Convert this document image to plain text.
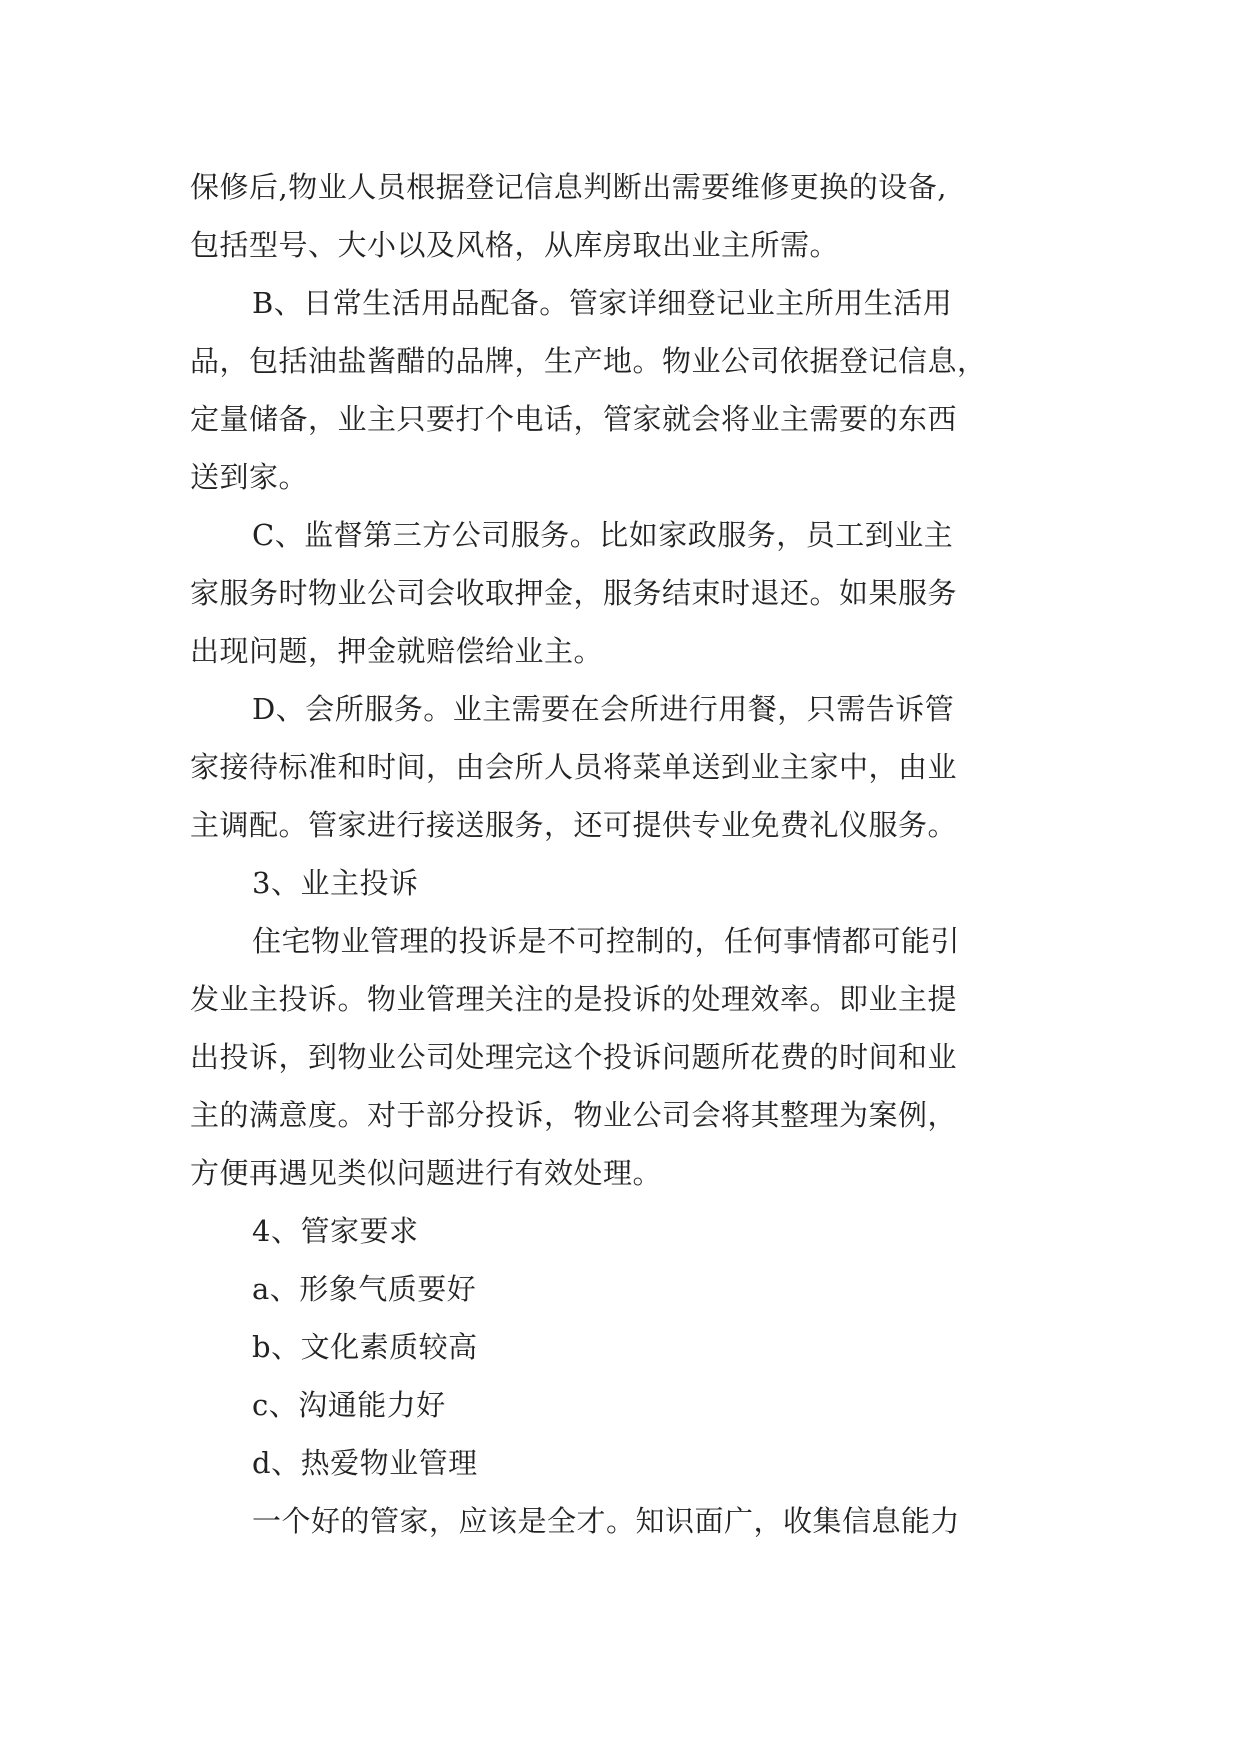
保修后,物业人员根据登记信息判断出需要维修更换的设备,
包括型号、大小以及风格，从库房取出业主所需。
B、日常生活用品配备。管家详细登记业主所用生活用
品，包括油盐酱醋的品牌，生产地。物业公司依据登记信息，
定量储备，业主只要打个电话，管家就会将业主需要的东西
送到家。
C、监督第三方公司服务。比如家政服务，员工到业主
家服务时物业公司会收取押金，服务结束时退还。如果服务
出现问题，押金就赔偿给业主。
D、会所服务。业主需要在会所进行用餐，只需告诉管
家接待标准和时间，由会所人员将菜单送到业主家中，由业
主调配。管家进行接送服务，还可提供专业免费礼仪服务。
3、业主投诉
住宅物业管理的投诉是不可控制的，任何事情都可能引
发业主投诉。物业管理关注的是投诉的处理效率。即业主提
出投诉，到物业公司处理完这个投诉问题所花费的时间和业
主的满意度。对于部分投诉，物业公司会将其整理为案例，
方便再遇见类似问题进行有效处理。
4、管家要求
a、形象气质要好
b、文化素质较高
c、沟通能力好
d、热爱物业管理
一个好的管家，应该是全才。知识面广，收集信息能力
